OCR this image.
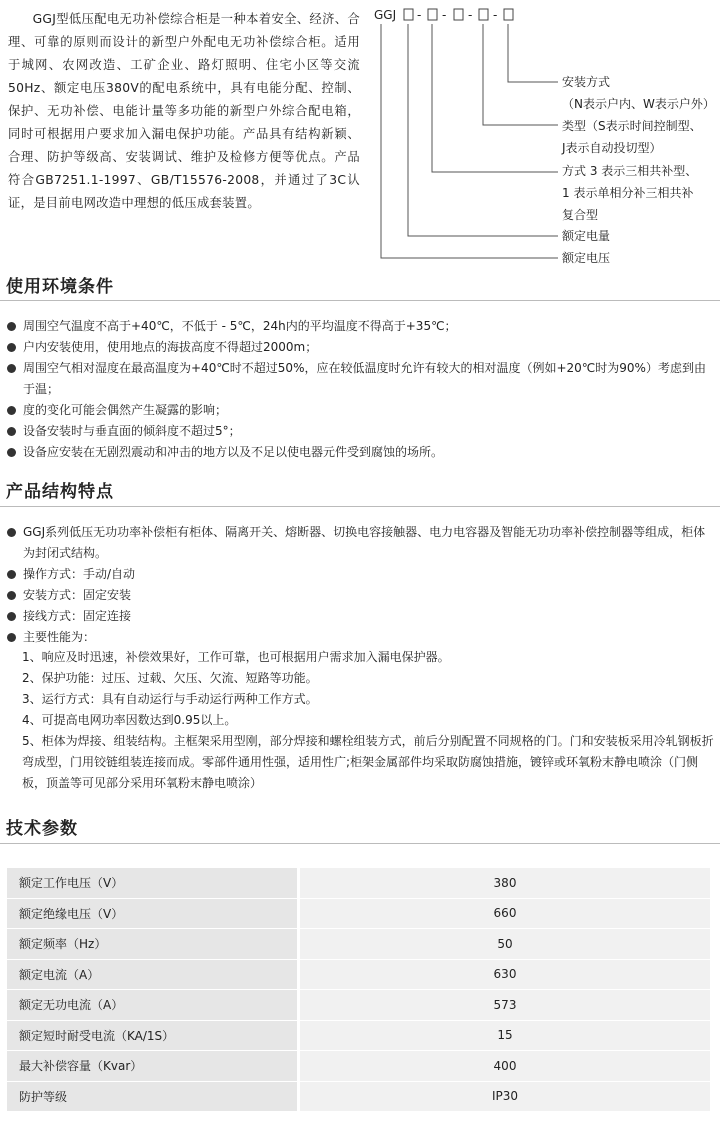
GGJ型低压配电无功补偿综合柜是一种本着安全、经济、合理、可靠的原则而设计的新型户外配电无功补偿综合柜。适用于城网、农网改造、工矿企业、路灯照明、住宅小区等交流50Hz、额定电压380V的配电系统中，具有电能分配、控制、保护、无功补偿、电能计量等多功能的新型户外综合配电箱，同时可根据用户要求加入漏电保护功能。产品具有结构新颖、合理、防护等级高、安装调试、维护及检修方便等优点。产品符合GB7251.1-1997、GB/T15576-2008，并通过了3C认证，是目前电网改造中理想的低压成套装置。

GGJ - - - -
安装方式
（N表示户内、W表示户外）
类型（S表示时间控制型、
J表示自动投切型）
方式 3 表示三相共补型、
1 表示单相分补三相共补
复合型
额定电量
额定电压
使用环境条件
周围空气温度不高于+40℃，不低于 - 5℃，24h内的平均温度不得高于+35℃；
户内安装使用，使用地点的海拔高度不得超过2000m；
周围空气相对湿度在最高温度为+40℃时不超过50%，应在较低温度时允许有较大的相对温度（例如+20℃时为90%）考虑到由于温；
度的变化可能会偶然产生凝露的影响；
设备安装时与垂直面的倾斜度不超过5°；
设备应安装在无剧烈震动和冲击的地方以及不足以使电器元件受到腐蚀的场所。
产品结构特点
GGJ系列低压无功功率补偿柜有柜体、隔离开关、熔断器、切换电容接触器、电力电容器及智能无功功率补偿控制器等组成，柜体为封闭式结构。
操作方式：手动/自动
安装方式：固定安装
接线方式：固定连接
主要性能为：
1、响应及时迅速，补偿效果好，工作可靠，也可根据用户需求加入漏电保护器。
2、保护功能：过压、过载、欠压、欠流、短路等功能。
3、运行方式：具有自动运行与手动运行两种工作方式。
4、可提高电网功率因数达到0.95以上。
5、柜体为焊接、组装结构。主框架采用型刚，部分焊接和螺栓组装方式，前后分别配置不同规格的门。门和安装板采用冷轧钢板折弯成型，门用铰链组装连接而成。零部件通用性强，适用性广;柜架金属部件均采取防腐蚀措施，镀锌或环氧粉末静电喷涂（门侧板，顶盖等可见部分采用环氧粉末静电喷涂）
技术参数
额定工作电压（V）	380
额定绝缘电压（V）	660
额定频率（Hz）	50
额定电流（A）	630
额定无功电流（A）	573
额定短时耐受电流（KA/1S）	15
最大补偿容量（Kvar）	400
防护等级	IP30
